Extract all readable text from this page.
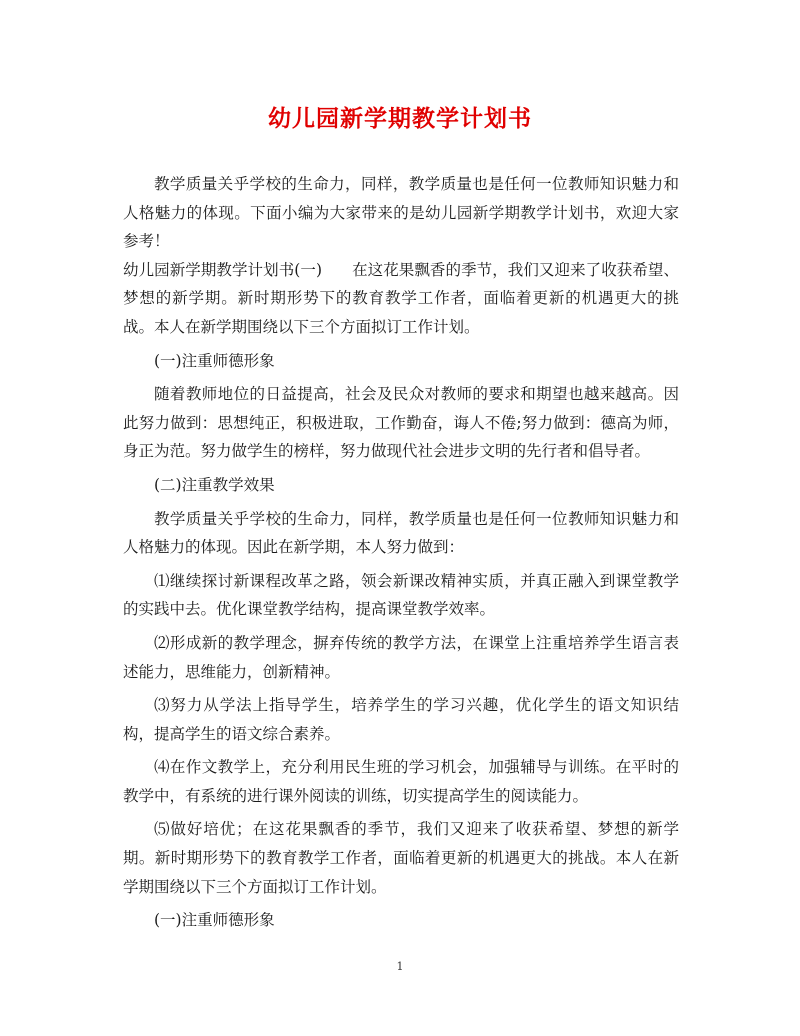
幼儿园新学期教学计划书

教学质量关乎学校的生命力，同样，教学质量也是任何一位教师知识魅力和人格魅力的体现。下面小编为大家带来的是幼儿园新学期教学计划书，欢迎大家参考！

幼儿园新学期教学计划书(一) 在这花果飘香的季节，我们又迎来了收获希望、梦想的新学期。新时期形势下的教育教学工作者，面临着更新的机遇更大的挑战。本人在新学期围绕以下三个方面拟订工作计划。

(一)注重师德形象

随着教师地位的日益提高，社会及民众对教师的要求和期望也越来越高。因此努力做到：思想纯正，积极进取，工作勤奋，诲人不倦;努力做到：德高为师，身正为范。努力做学生的榜样，努力做现代社会进步文明的先行者和倡导者。

(二)注重教学效果

教学质量关乎学校的生命力，同样，教学质量也是任何一位教师知识魅力和人格魅力的体现。因此在新学期，本人努力做到：

⑴继续探讨新课程改革之路，领会新课改精神实质，并真正融入到课堂教学的实践中去。优化课堂教学结构，提高课堂教学效率。

⑵形成新的教学理念，摒弃传统的教学方法，在课堂上注重培养学生语言表述能力，思维能力，创新精神。

⑶努力从学法上指导学生，培养学生的学习兴趣，优化学生的语文知识结构，提高学生的语文综合素养。

⑷在作文教学上，充分利用民生班的学习机会，加强辅导与训练。在平时的教学中，有系统的进行课外阅读的训练，切实提高学生的阅读能力。

⑸做好培优；在这花果飘香的季节，我们又迎来了收获希望、梦想的新学期。新时期形势下的教育教学工作者，面临着更新的机遇更大的挑战。本人在新学期围绕以下三个方面拟订工作计划。

(一)注重师德形象

1
